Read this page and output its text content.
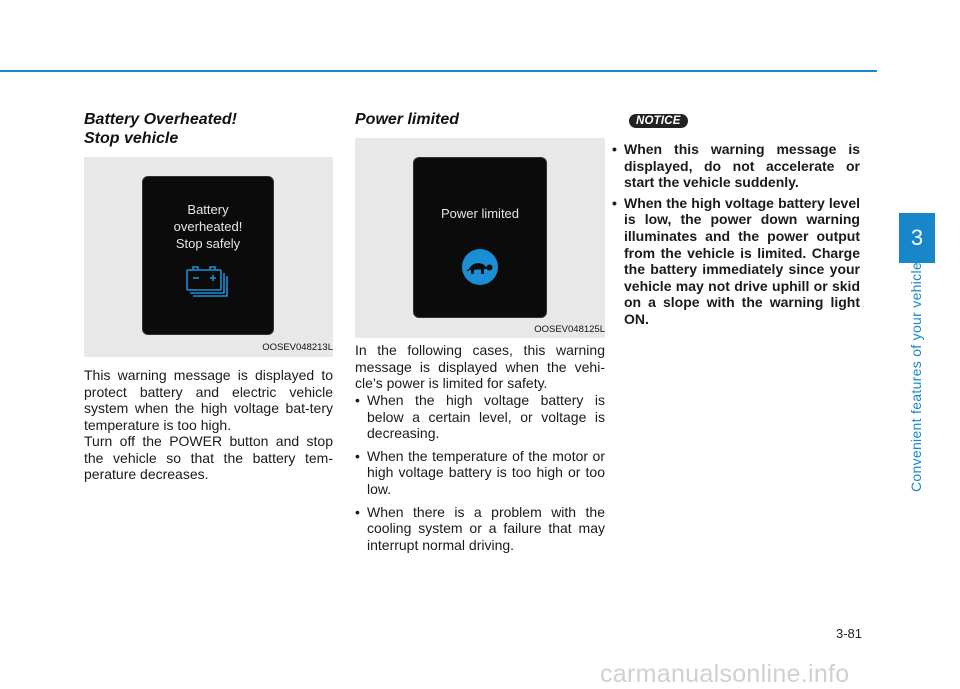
Battery Overheated!
Stop vehicle
Battery
overheated!
Stop safely
OOSEV048213L

This warning message is displayed to protect battery and electric vehicle system when the high voltage bat-tery temperature is too high.

Turn off the POWER button and stop the vehicle so that the battery tem-perature decreases.

Power limited
Power limited
OOSEV048125L

In the following cases, this warning message is displayed when the vehi-cle’s power is limited for safety.

• When the high voltage battery is below a certain level, or voltage is decreasing.
• When the temperature of the motor or high voltage battery is too high or too low.
• When there is a problem with the cooling system or a failure that may interrupt normal driving.
NOTICE
• When this warning message is displayed, do not accelerate or start the vehicle suddenly.
• When the high voltage battery level is low, the power down warning illuminates and the power output from the vehicle is limited. Charge the battery immediately since your vehicle may not drive uphill or skid on a slope with the warning light ON.
3
Convenient features of your vehicle
3-81
carmanualsonline.info
